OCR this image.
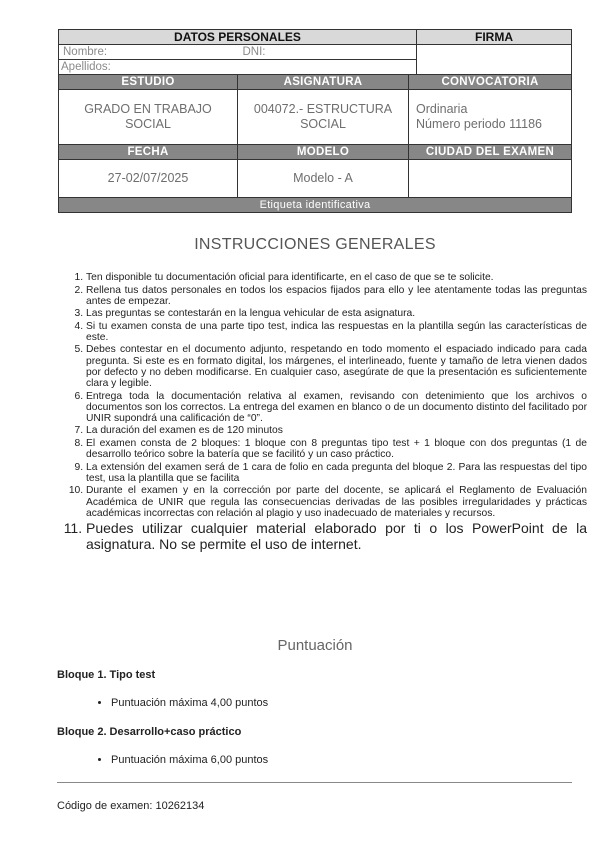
DATOS PERSONALES			FIRMA
Nombre:	DNI:		
Apellidos:			
ESTUDIO	ASIGNATURA	CONVOCATORIA	
GRADO EN TRABAJO SOCIAL	004072.- ESTRUCTURA SOCIAL	Ordinaria
Número periodo 11186	

FECHA	MODELO	CIUDAD DEL EXAMEN	
27-02/07/2025	Modelo - A		
Etiqueta identificativa			
INSTRUCCIONES GENERALES
1. Ten disponible tu documentación oficial para identificarte, en el caso de que se te solicite.
2. Rellena tus datos personales en todos los espacios fijados para ello y lee atentamente todas las preguntas antes de empezar.
3. Las preguntas se contestarán en la lengua vehicular de esta asignatura.
4. Si tu examen consta de una parte tipo test, indica las respuestas en la plantilla según las características de este.
5. Debes contestar en el documento adjunto, respetando en todo momento el espaciado indicado para cada pregunta. Si este es en formato digital, los márgenes, el interlineado, fuente y tamaño de letra vienen dados por defecto y no deben modificarse. En cualquier caso, asegúrate de que la presentación es suficientemente clara y legible.
6. Entrega toda la documentación relativa al examen, revisando con detenimiento que los archivos o documentos son los correctos. La entrega del examen en blanco o de un documento distinto del facilitado por UNIR supondrá una calificación de “0”.
7. La duración del examen es de 120 minutos
8. El examen consta de 2 bloques: 1 bloque con 8 preguntas tipo test + 1 bloque con dos preguntas (1 de desarrollo teórico sobre la batería que se facilitó y un caso práctico.
9. La extensión del examen será de 1 cara de folio en cada pregunta del bloque 2. Para las respuestas del tipo test, usa la plantilla que se facilita
10. Durante el examen y en la corrección por parte del docente, se aplicará el Reglamento de Evaluación Académica de UNIR que regula las consecuencias derivadas de las posibles irregularidades y prácticas académicas incorrectas con relación al plagio y uso inadecuado de materiales y recursos.
11. Puedes utilizar cualquier material elaborado por ti o los PowerPoint de la asignatura. No se permite el uso de internet.
Puntuación

Bloque 1. Tipo test

• Puntuación máxima 4,00 puntos

Bloque 2. Desarrollo+caso práctico

• Puntuación máxima 6,00 puntos
Código de examen: 10262134
